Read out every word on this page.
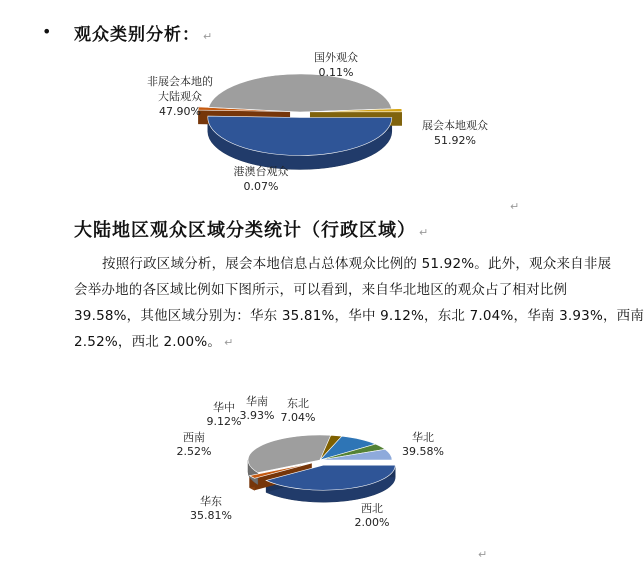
• 观众类别分析： ↵
展会本地观众 51.92%
港澳台观众 0.07%
非展会本地的大陆观众 47.90%
国外观众 0.11%
↵
大陆地区观众区域分类统计（行政区域） ↵
按照行政区域分析，展会本地信息占总体观众比例的 51.92%。此外，观众来自非展
会举办地的各区域比例如下图所示，可以看到，来自华北地区的观众占了相对比例
39.58%，其他区域分别为：华东 35.81%，华中 9.12%，东北 7.04%，华南 3.93%，西南
2.52%，西北 2.00%。 ↵
华北 39.58%
西北 2.00%
华东 35.81%
西南 2.52%
华中 9.12%
华南 3.93%
东北 7.04%
↵
